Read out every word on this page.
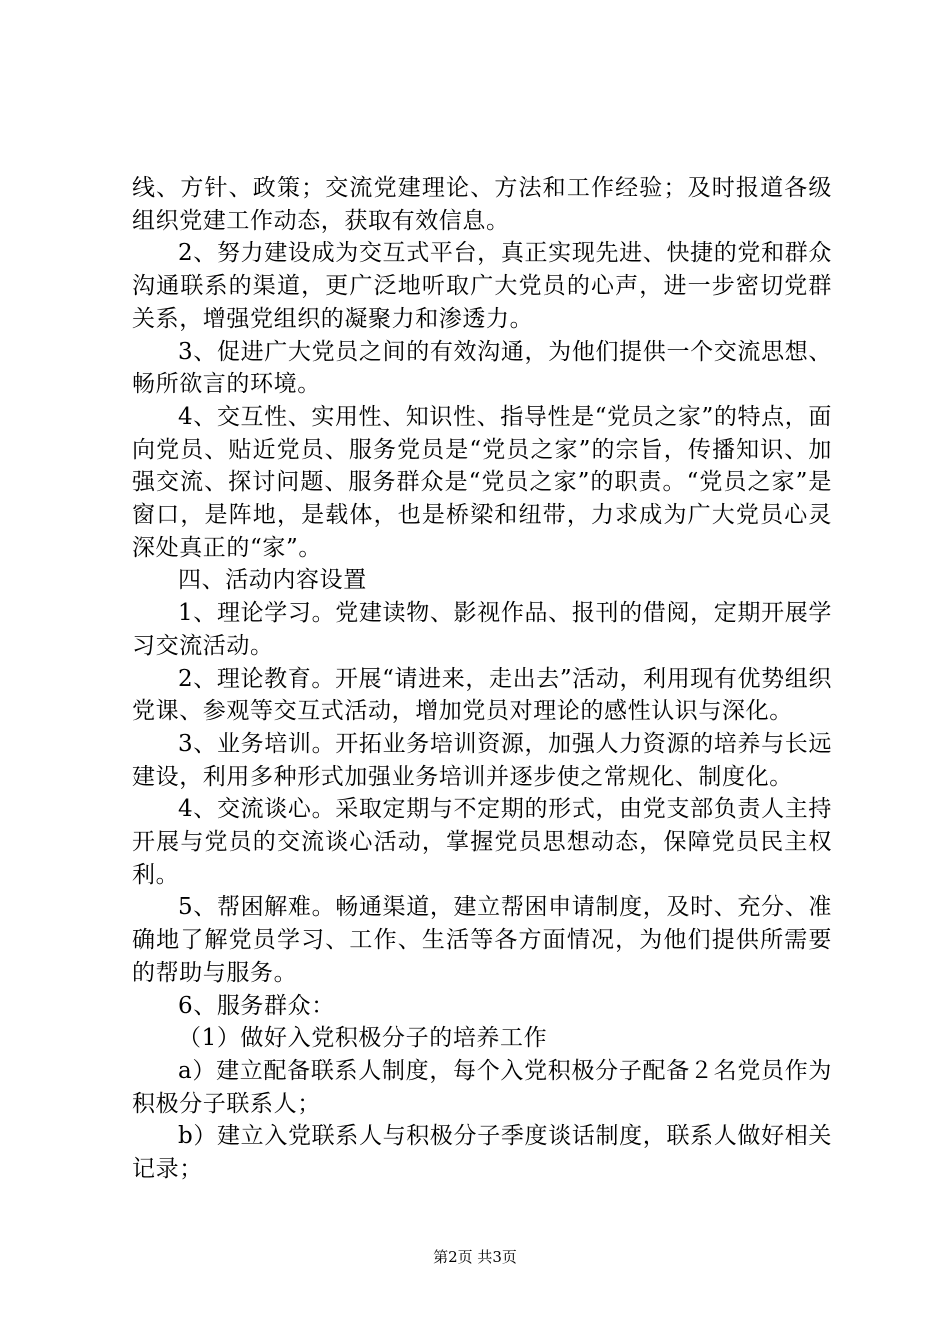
线、方针、政策；交流党建理论、方法和工作经验；及时报道各级组织党建工作动态，获取有效信息。

2、努力建设成为交互式平台，真正实现先进、快捷的党和群众沟通联系的渠道，更广泛地听取广大党员的心声，进一步密切党群关系，增强党组织的凝聚力和渗透力。

3、促进广大党员之间的有效沟通，为他们提供一个交流思想、畅所欲言的环境。

4、交互性、实用性、知识性、指导性是“党员之家”的特点，面向党员、贴近党员、服务党员是“党员之家”的宗旨，传播知识、加强交流、探讨问题、服务群众是“党员之家”的职责。“党员之家”是窗口，是阵地，是载体，也是桥梁和纽带，力求成为广大党员心灵深处真正的“家”。

四、活动内容设置

1、理论学习。党建读物、影视作品、报刊的借阅，定期开展学习交流活动。

2、理论教育。开展“请进来，走出去”活动，利用现有优势组织党课、参观等交互式活动，增加党员对理论的感性认识与深化。

3、业务培训。开拓业务培训资源，加强人力资源的培养与长远建设，利用多种形式加强业务培训并逐步使之常规化、制度化。

4、交流谈心。采取定期与不定期的形式，由党支部负责人主持开展与党员的交流谈心活动，掌握党员思想动态，保障党员民主权利。

5、帮困解难。畅通渠道，建立帮困申请制度，及时、充分、准确地了解党员学习、工作、生活等各方面情况，为他们提供所需要的帮助与服务。

6、服务群众：

（1）做好入党积极分子的培养工作

a）建立配备联系人制度，每个入党积极分子配备２名党员作为积极分子联系人；

b）建立入党联系人与积极分子季度谈话制度，联系人做好相关记录；

第2页 共3页
